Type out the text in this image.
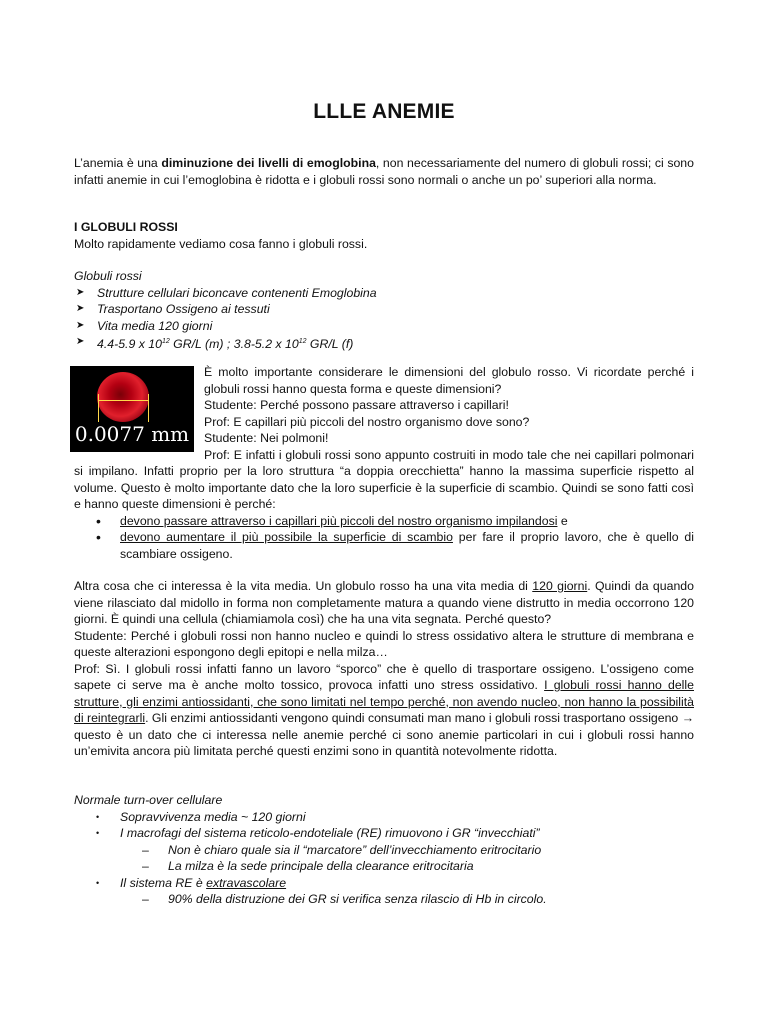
LLLE ANEMIE

L’anemia è una diminuzione dei livelli di emoglobina, non necessariamente del numero di globuli rossi; ci sono infatti anemie in cui l’emoglobina è ridotta e i globuli rossi sono normali o anche un po’ superiori alla norma.

I GLOBULI ROSSI

Molto rapidamente vediamo cosa fanno i globuli rossi.

Globuli rossi

➤ Strutture cellulari biconcave contenenti Emoglobina
➤ Trasportano Ossigeno ai tessuti
➤ Vita media 120 giorni
➤ 4.4-5.9 x $10^{12}$ GR/L (m) ; 3.8-5.2 x $10^{12}$ GR/L (f)
0.0077 mm

È molto importante considerare le dimensioni del globulo rosso. Vi ricordate perché i globuli rossi hanno questa forma e queste dimensioni?

Studente: Perché possono passare attraverso i capillari!

Prof: E capillari più piccoli del nostro organismo dove sono?

Studente: Nei polmoni!

Prof: E infatti i globuli rossi sono appunto costruiti in modo tale che nei capillari polmonari si impilano. Infatti proprio per la loro struttura “a doppia orecchietta” hanno la massima superficie rispetto al volume. Questo è molto importante dato che la loro superficie è la superficie di scambio. Quindi se sono fatti così e hanno queste dimensioni è perché:

• devono passare attraverso i capillari più piccoli del nostro organismo impilandosi e
• devono aumentare il più possibile la superficie di scambio per fare il proprio lavoro, che è quello di scambiare ossigeno.

Altra cosa che ci interessa è la vita media. Un globulo rosso ha una vita media di 120 giorni. Quindi da quando viene rilasciato dal midollo in forma non completamente matura a quando viene distrutto in media occorrono 120 giorni. È quindi una cellula (chiamiamola così) che ha una vita segnata. Perché questo?

Studente: Perché i globuli rossi non hanno nucleo e quindi lo stress ossidativo altera le strutture di membrana e queste alterazioni espongono degli epitopi e nella milza…

Prof: Sì. I globuli rossi infatti fanno un lavoro “sporco” che è quello di trasportare ossigeno. L’ossigeno come sapete ci serve ma è anche molto tossico, provoca infatti uno stress ossidativo. I globuli rossi hanno delle strutture, gli enzimi antiossidanti, che sono limitati nel tempo perché, non avendo nucleo, non hanno la possibilità di reintegrarli. Gli enzimi antiossidanti vengono quindi consumati man mano i globuli rossi trasportano ossigeno → questo è un dato che ci interessa nelle anemie perché ci sono anemie particolari in cui i globuli rossi hanno un’emivita ancora più limitata perché questi enzimi sono in quantità notevolmente ridotta.

Normale turn-over cellulare

• Sopravvivenza media ~ 120 giorni
• I macrofagi del sistema reticolo-endoteliale (RE) rimuovono i GR “invecchiati”
– Non è chiaro quale sia il “marcatore” dell’invecchiamento eritrocitario
– La milza è la sede principale della clearance eritrocitaria
• Il sistema RE è extravascolare
– 90% della distruzione dei GR si verifica senza rilascio di Hb in circolo.
